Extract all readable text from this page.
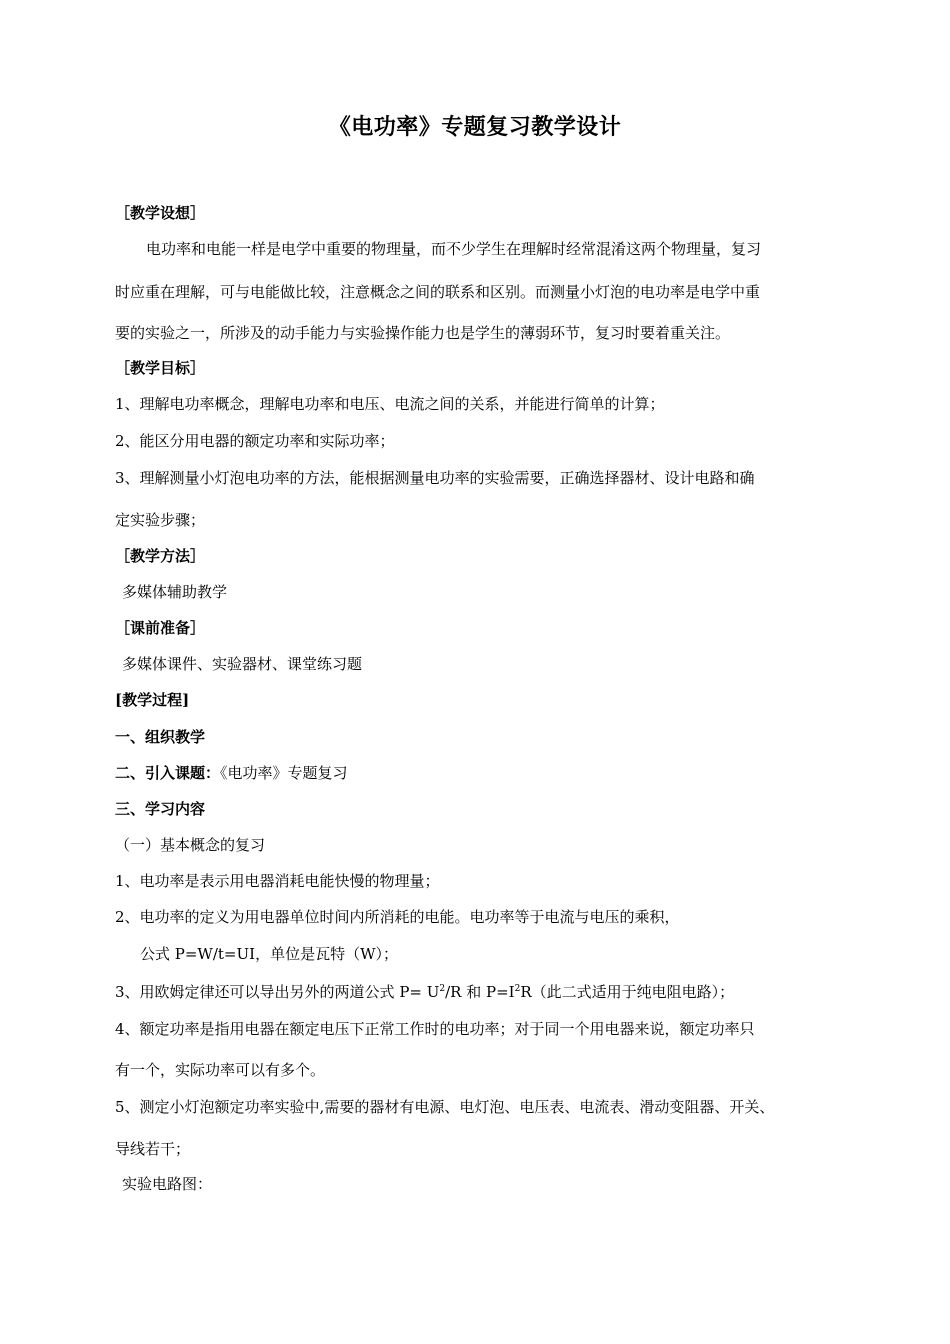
《电功率》专题复习教学设计
［教学设想］
电功率和电能一样是电学中重要的物理量，而不少学生在理解时经常混淆这两个物理量，复习
时应重在理解，可与电能做比较，注意概念之间的联系和区别。而测量小灯泡的电功率是电学中重
要的实验之一，所涉及的动手能力与实验操作能力也是学生的薄弱环节，复习时要着重关注。
［教学目标］
1、理解电功率概念，理解电功率和电压、电流之间的关系，并能进行简单的计算；
2、能区分用电器的额定功率和实际功率；
3、理解测量小灯泡电功率的方法，能根据测量电功率的实验需要，正确选择器材、设计电路和确
定实验步骤；
［教学方法］
多媒体辅助教学
［课前准备］
多媒体课件、实验器材、课堂练习题
[教学过程]
一、组织教学
二、引入课题：《电功率》专题复习
三、学习内容
（一）基本概念的复习
1、电功率是表示用电器消耗电能快慢的物理量；
2、电功率的定义为用电器单位时间内所消耗的电能。电功率等于电流与电压的乘积，
公式 P=W/t=UI，单位是瓦特（W）；
3、用欧姆定律还可以导出另外的两道公式 $P= U^2/R$ 和 $P=I^2R$（此二式适用于纯电阻电路）；
4、额定功率是指用电器在额定电压下正常工作时的电功率；对于同一个用电器来说，额定功率只
有一个，实际功率可以有多个。
5、测定小灯泡额定功率实验中,需要的器材有电源、电灯泡、电压表、电流表、滑动变阻器、开关、
导线若干；
实验电路图：
